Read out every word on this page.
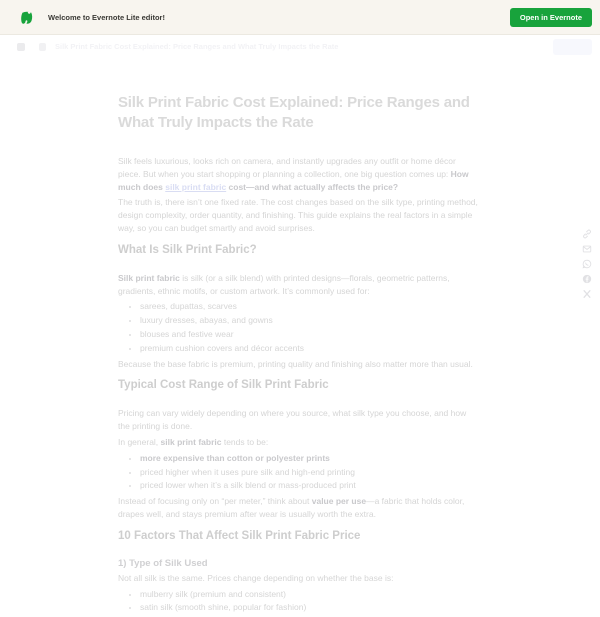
Welcome to Evernote Lite editor!	Open in Evernote
Silk Print Fabric Cost Explained: Price Ranges and What Truly Impacts the Rate
Silk Print Fabric Cost Explained: Price Ranges and What Truly Impacts the Rate

Silk feels luxurious, looks rich on camera, and instantly upgrades any outfit or home décor piece. But when you start shopping or planning a collection, one big question comes up: How much does silk print fabric cost—and what actually affects the price?

The truth is, there isn’t one fixed rate. The cost changes based on the silk type, printing method, design complexity, order quantity, and finishing. This guide explains the real factors in a simple way, so you can budget smartly and avoid surprises.

What Is Silk Print Fabric?

Silk print fabric is silk (or a silk blend) with printed designs—florals, geometric patterns, gradients, ethnic motifs, or custom artwork. It’s commonly used for:

• sarees, dupattas, scarves
• luxury dresses, abayas, and gowns
• blouses and festive wear
• premium cushion covers and décor accents

Because the base fabric is premium, printing quality and finishing also matter more than usual.

Typical Cost Range of Silk Print Fabric

Pricing can vary widely depending on where you source, what silk type you choose, and how the printing is done.

In general, silk print fabric tends to be:

• more expensive than cotton or polyester prints
• priced higher when it uses pure silk and high-end printing
• priced lower when it’s a silk blend or mass-produced print

Instead of focusing only on “per meter,” think about value per use—a fabric that holds color, drapes well, and stays premium after wear is usually worth the extra.

10 Factors That Affect Silk Print Fabric Price
1) Type of Silk Used

Not all silk is the same. Prices change depending on whether the base is:

• mulberry silk (premium and consistent)
• satin silk (smooth shine, popular for fashion)
